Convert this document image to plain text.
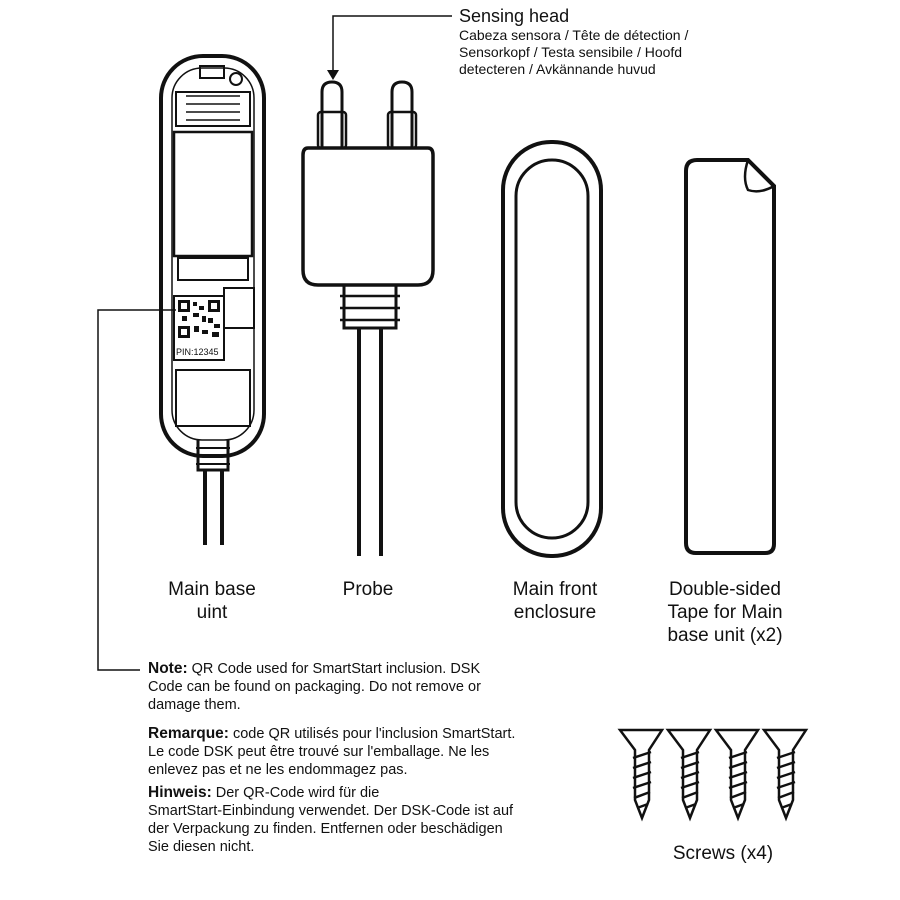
PIN:12345
Sensing head
Cabeza sensora / Tête de détection /
Sensorkopf / Testa sensibile / Hoofd
detecteren / Avkännande huvud
Main base
uint
Probe	Main front
enclosure
Double-sided
Tape for Main
base unit (x2)
Screws (x4)
Note: QR Code used for SmartStart inclusion. DSK
Code can be found on packaging. Do not remove or
damage them.
Remarque: code QR utilisés pour l'inclusion SmartStart.
Le code DSK peut être trouvé sur l'emballage. Ne les
enlevez pas et ne les endommagez pas.
Hinweis: Der QR-Code wird für die
SmartStart-Einbindung verwendet. Der DSK-Code ist auf
der Verpackung zu finden. Entfernen oder beschädigen
Sie diesen nicht.
